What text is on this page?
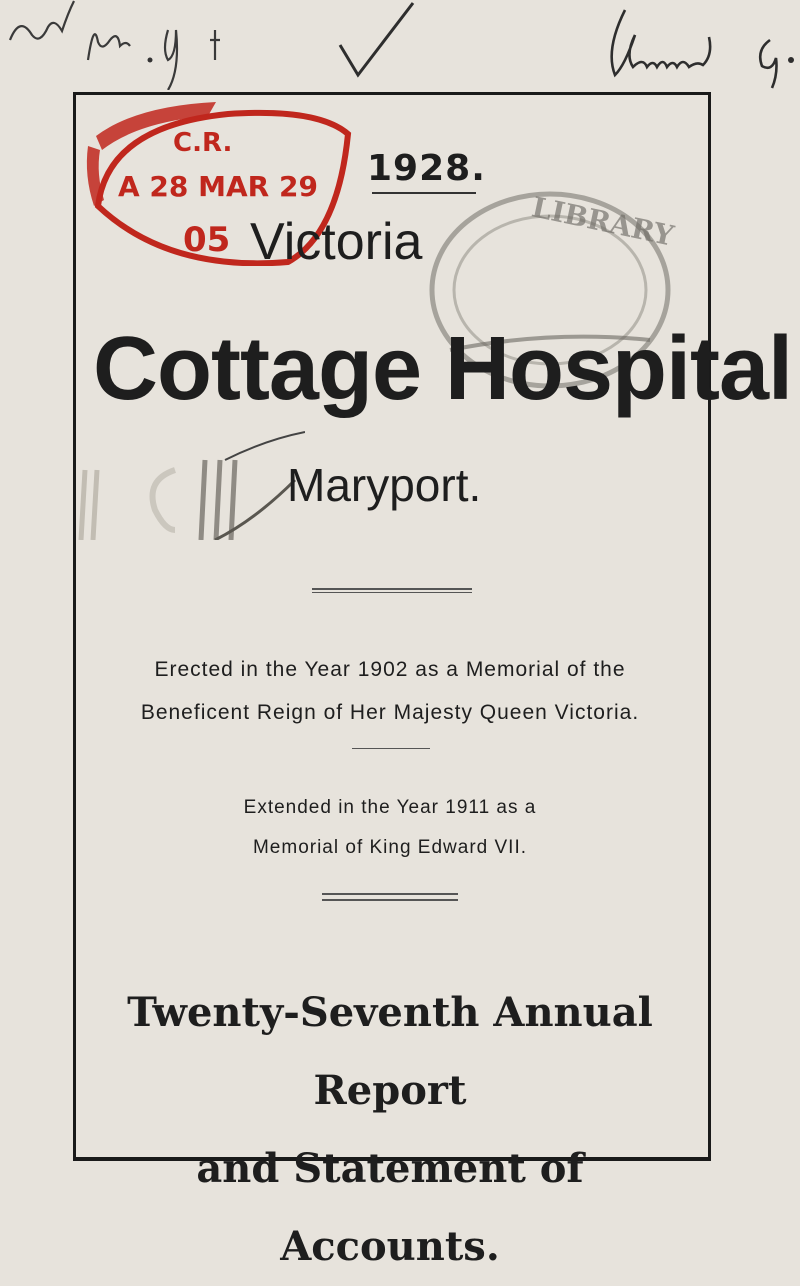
C.R.
A 28 MAR 29
05
1928.
LIBRARY
Victoria
Cottage Hospital
Maryport.
Erected in the Year 1902 as a Memorial of the
Beneficent Reign of Her Majesty Queen Victoria.
Extended in the Year 1911 as a
Memorial of King Edward VII.
Twenty-Seventh Annual Report
and Statement of Accounts.
